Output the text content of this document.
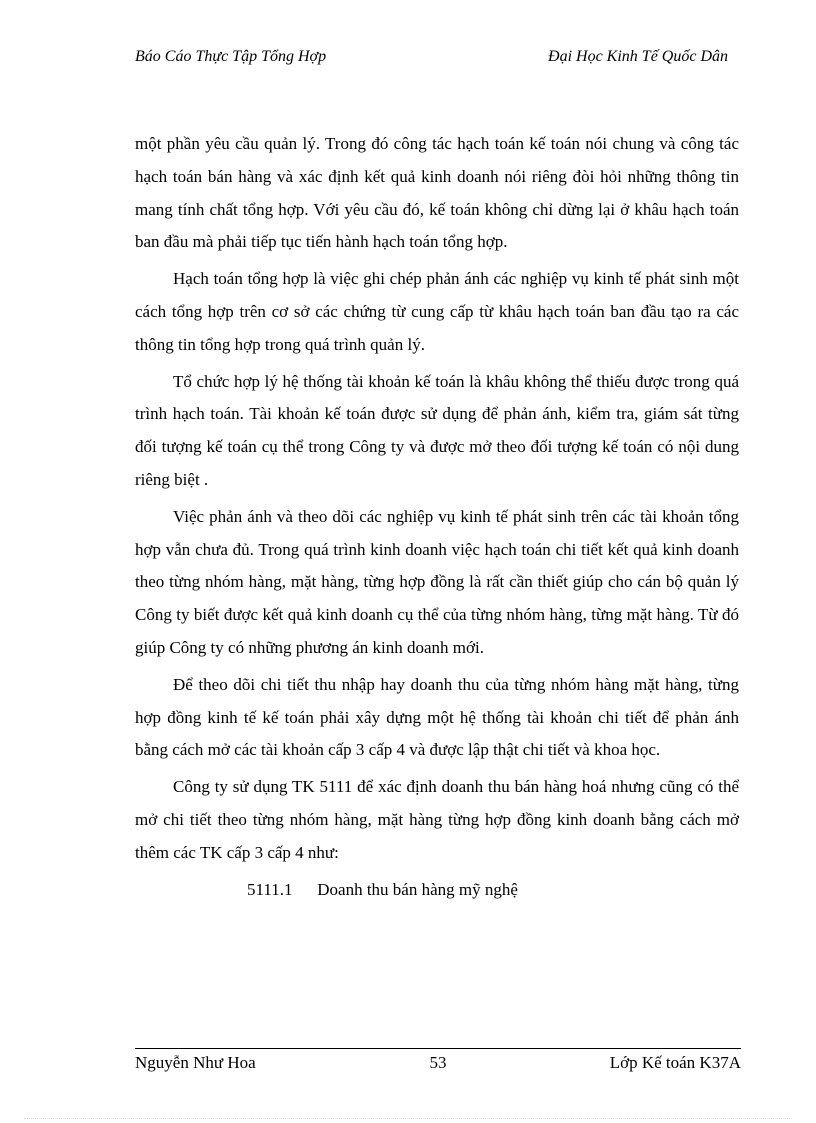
Báo Cáo Thực Tập Tổng Hợp	Đại Học Kinh Tế Quốc Dân

một phần yêu cầu quản lý. Trong đó công tác hạch toán kế toán nói chung và công tác hạch toán bán hàng và xác định kết quả kinh doanh nói riêng đòi hỏi những thông tin mang tính chất tổng hợp. Với yêu cầu đó, kế toán không chỉ dừng lại ở khâu hạch toán ban đầu mà phải tiếp tục tiến hành hạch toán tổng hợp.

Hạch toán tổng hợp là việc ghi chép phản ánh các nghiệp vụ kinh tế phát sinh một cách tổng hợp trên cơ sở các chứng từ cung cấp từ khâu hạch toán ban đầu tạo ra các thông tin tổng hợp trong quá trình quản lý.

Tổ chức hợp lý hệ thống tài khoản kế toán là khâu không thể thiếu được trong quá trình hạch toán. Tài khoản kế toán được sử dụng để phản ánh, kiểm tra, giám sát từng đối tượng kế toán cụ thể trong Công ty và được mở theo đối tượng kế toán có nội dung riêng biệt .

Việc phản ánh và theo dõi các nghiệp vụ kinh tế phát sinh trên các tài khoản tổng hợp vẫn chưa đủ. Trong quá trình kinh doanh việc hạch toán chi tiết kết quả kinh doanh theo từng nhóm hàng, mặt hàng, từng hợp đồng là rất cần thiết giúp cho cán bộ quản lý Công ty biết được kết quả kinh doanh cụ thể của từng nhóm hàng, từng mặt hàng. Từ đó giúp Công ty có những phương án kinh doanh mới.

Để theo dõi chi tiết thu nhập hay doanh thu của từng nhóm hàng mặt hàng, từng hợp đồng kinh tế kế toán phải xây dựng một hệ thống tài khoản chi tiết để phản ánh bằng cách mở các tài khoản cấp 3 cấp 4 và được lập thật chi tiết và khoa học.

Công ty sử dụng TK 5111 để xác định doanh thu bán hàng hoá nhưng cũng có thể mở chi tiết theo từng nhóm hàng, mặt hàng từng hợp đồng kinh doanh bằng cách mở thêm các TK cấp 3 cấp 4 như:

5111.1 Doanh thu bán hàng mỹ nghệ
Nguyễn Như Hoa	53	Lớp Kế toán K37A
